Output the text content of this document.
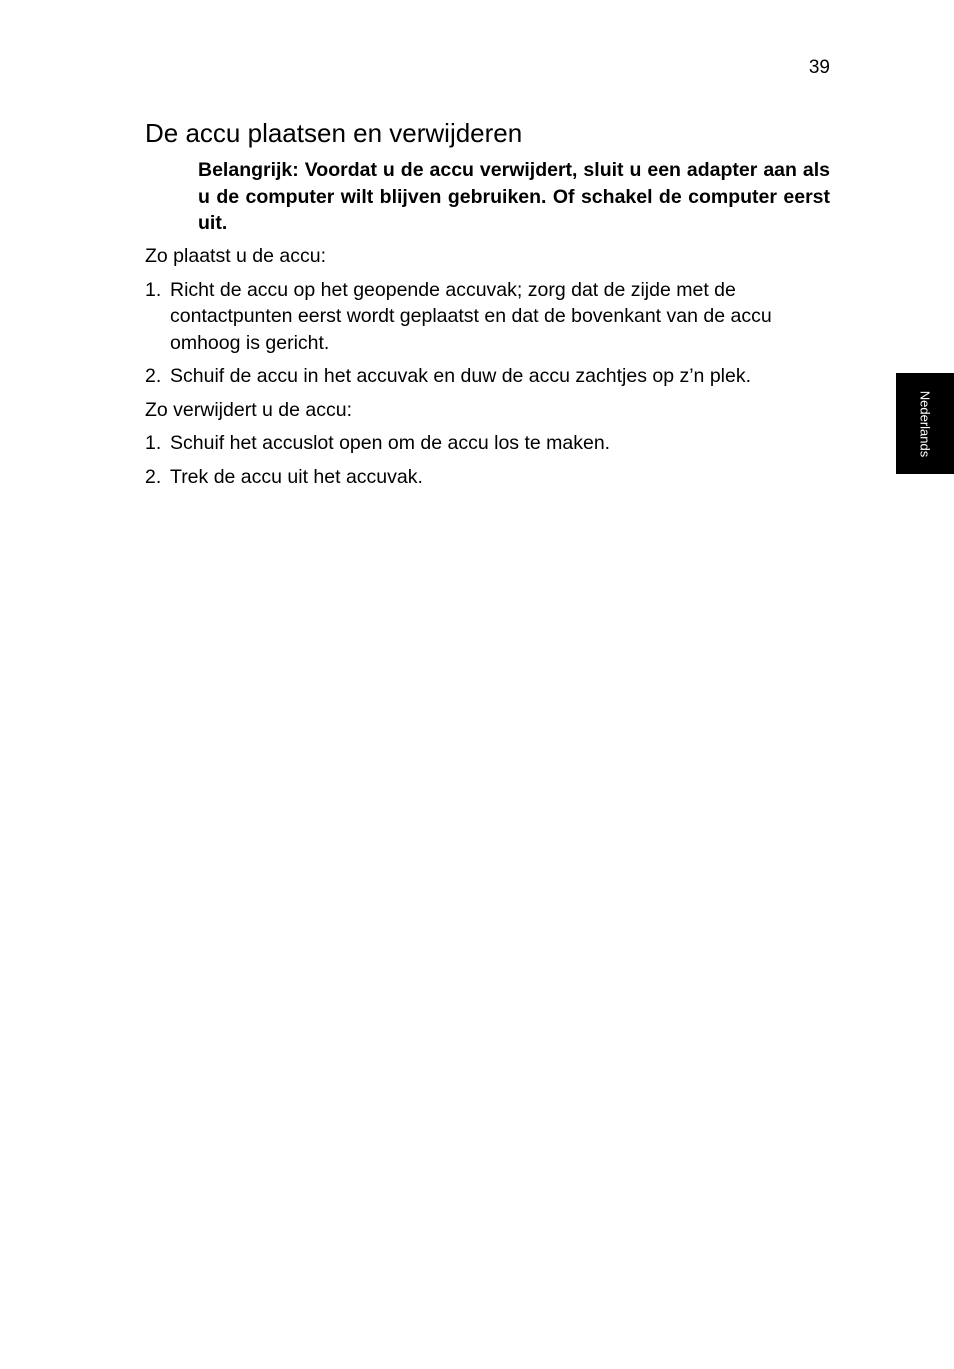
39
Nederlands
De accu plaatsen en verwijderen

Belangrijk: Voordat u de accu verwijdert, sluit u een adapter aan als u de computer wilt blijven gebruiken. Of schakel de computer eerst uit.

Zo plaatst u de accu:

1. Richt de accu op het geopende accuvak; zorg dat de zijde met de contactpunten eerst wordt geplaatst en dat de bovenkant van de accu omhoog is gericht.
2. Schuif de accu in het accuvak en duw de accu zachtjes op z’n plek.

Zo verwijdert u de accu:

1. Schuif het accuslot open om de accu los te maken.
2. Trek de accu uit het accuvak.
